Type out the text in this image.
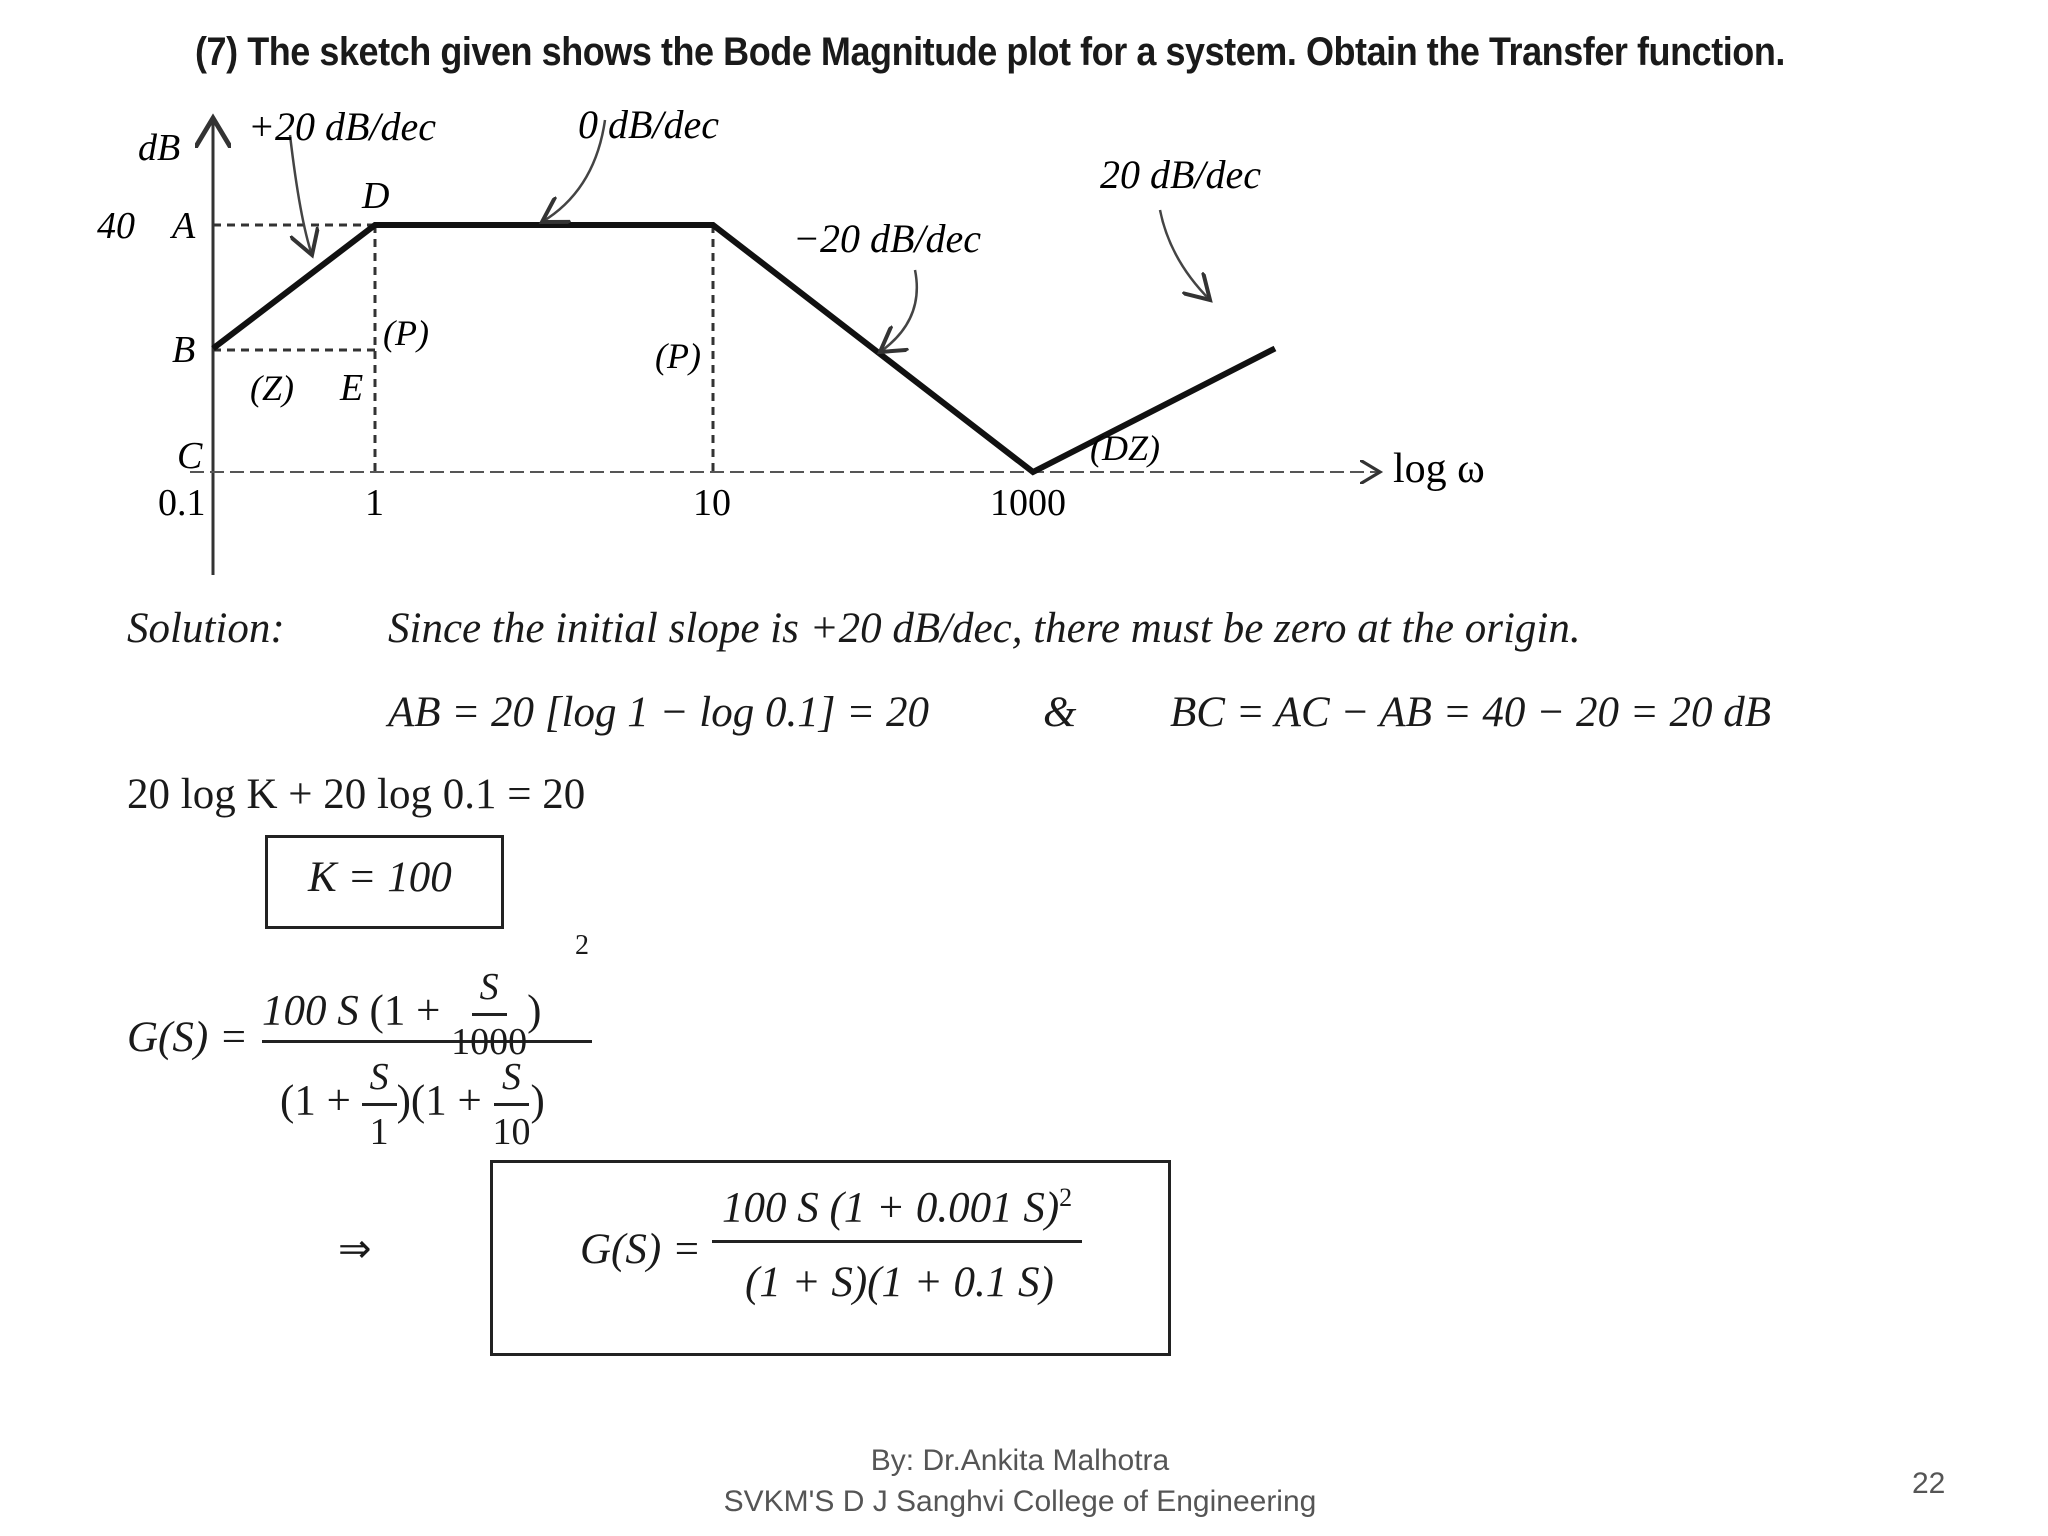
(7) The sketch given shows the Bode Magnitude plot for a system. Obtain the Transfer function.
dB
40 A
B
C
D
E
(Z)
(P)
(P)
(DZ)
+20 dB/dec	0 dB/dec
−20 dB/dec
20 dB/dec
log ω
0.1	1	10	1000
Solution: Since the initial slope is +20 dB/dec, there must be zero at the origin.
AB = 20 [log 1 − log 0.1] = 20	& BC = AC − AB = 40 − 20 = 20 dB
20 log K + 20 log 0.1 = 20
K = 100
G(S) =
100 S ($1 + \frac{S}{1000}$ )
2
$(1 + \frac{S}{1} )(1 + \frac{S}{10}$ )
⇒	G(S) =
100 S (1 + 0.001 S)$^2$
(1 + S)(1 + 0.1 S)
By: Dr.Ankita Malhotra
SVKM'S D J Sanghvi College of Engineering
22
